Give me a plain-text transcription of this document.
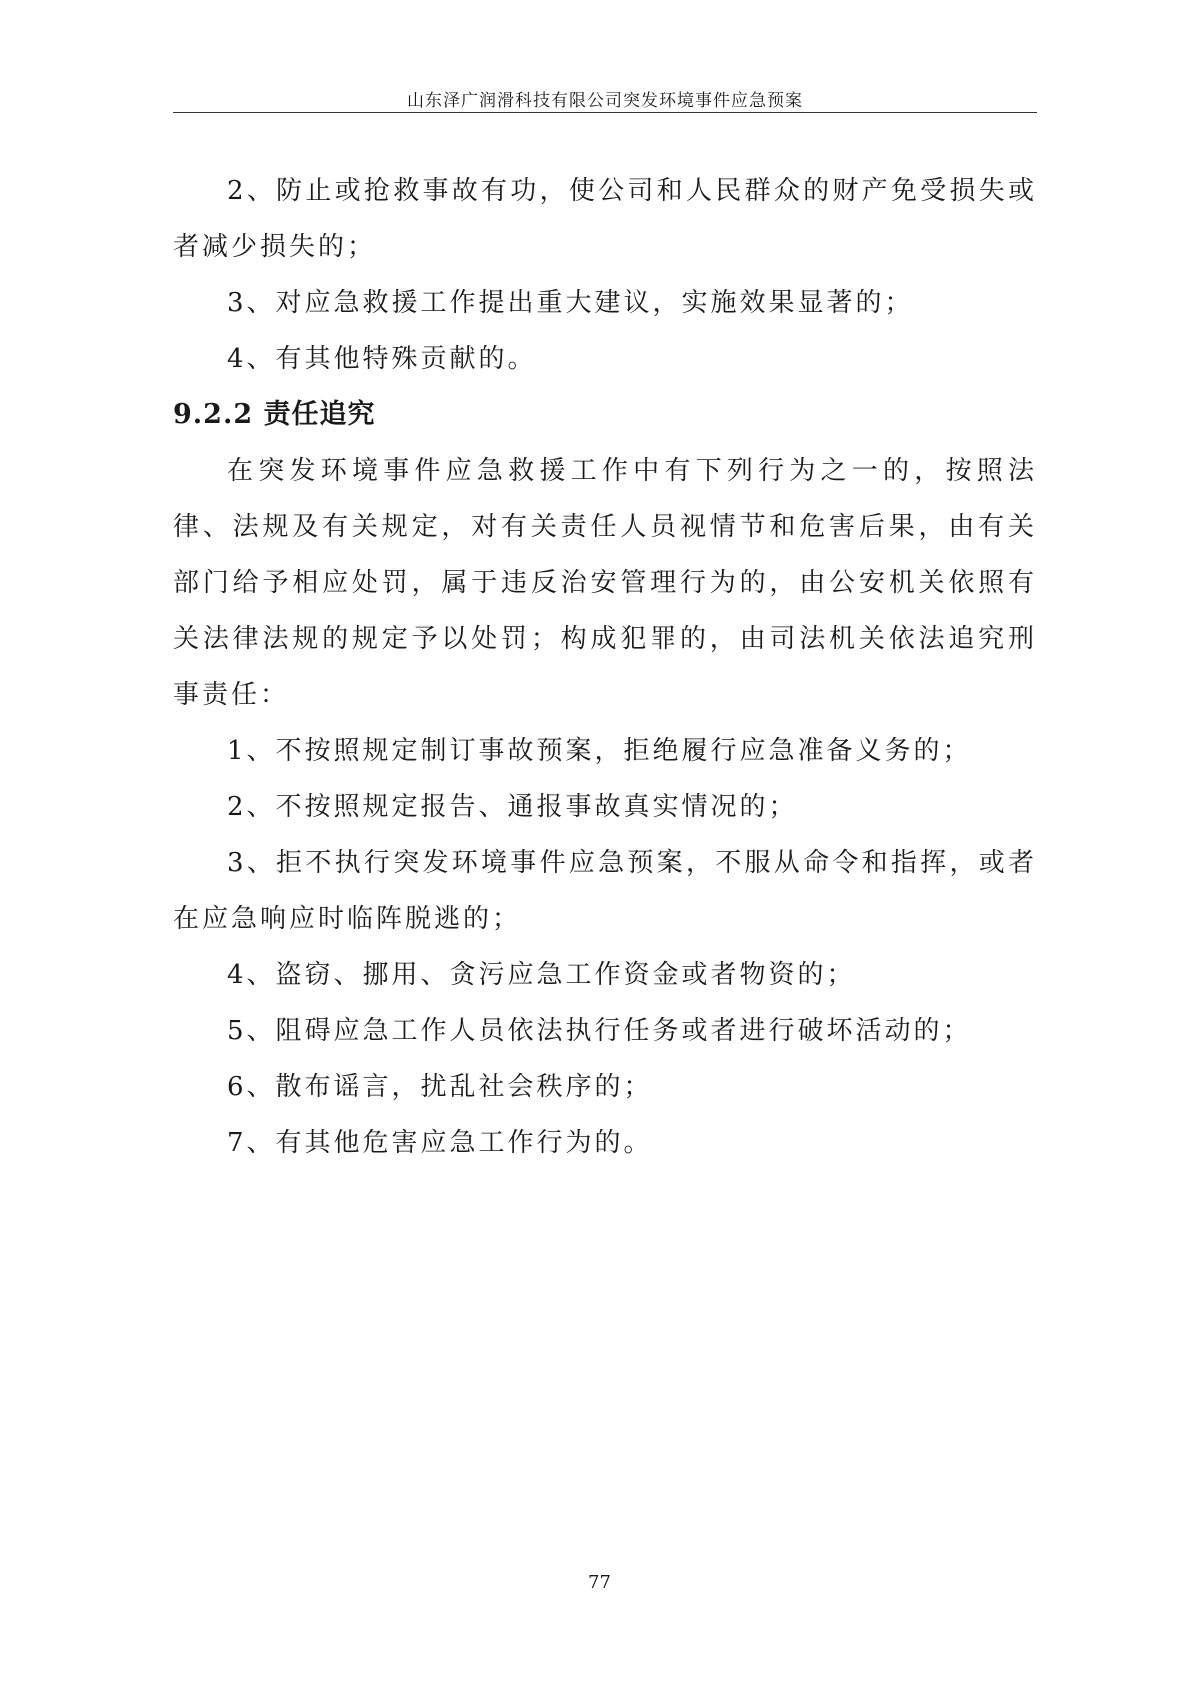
山东泽广润滑科技有限公司突发环境事件应急预案

2、防止或抢救事故有功，使公司和人民群众的财产免受损失或者减少损失的；

3、对应急救援工作提出重大建议，实施效果显著的；

4、有其他特殊贡献的。

9.2.2 责任追究

在突发环境事件应急救援工作中有下列行为之一的，按照法律、法规及有关规定，对有关责任人员视情节和危害后果，由有关部门给予相应处罚，属于违反治安管理行为的，由公安机关依照有关法律法规的规定予以处罚；构成犯罪的，由司法机关依法追究刑事责任：

1、不按照规定制订事故预案，拒绝履行应急准备义务的；

2、不按照规定报告、通报事故真实情况的；

3、拒不执行突发环境事件应急预案，不服从命令和指挥，或者在应急响应时临阵脱逃的；

4、盗窃、挪用、贪污应急工作资金或者物资的；

5、阻碍应急工作人员依法执行任务或者进行破坏活动的；

6、散布谣言，扰乱社会秩序的；

7、有其他危害应急工作行为的。

77
